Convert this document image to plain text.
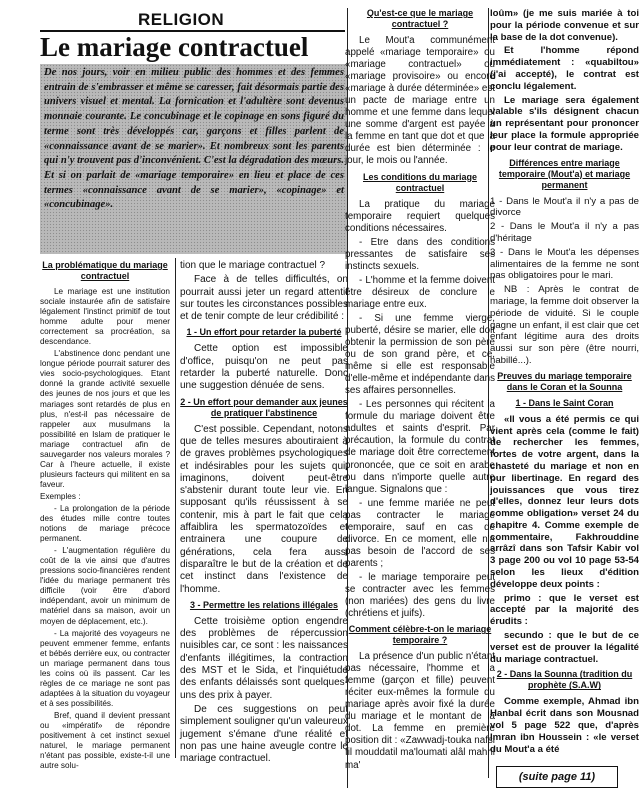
RELIGION
Le mariage contractuel
De nos jours, voir en milieu public des hommes et des femmes entrain de s'embrasser et même se caresser, fait désormais partie des univers visuel et mental. La fornication et l'adultère sont devenus monnaie courante. Le concubinage et le copinage en sons figuré du terme sont très développés car, garçons et filles parlent de «connaissance avant de se marier». Et nombreux sont les parents qui n'y trouvent pas d'inconvénient. C'est la dégradation des mœurs. Et si on parlait de «mariage temporaire» en lieu et place de ces termes «connaissance avant de se marier», «copinage» et «concubinage».
La problématique du mariage contractuel

Le mariage est une institution sociale instaurée afin de satisfaire légalement l'instinct primitif de tout homme adulte pour mener correctement sa procréation, sa descendance.

L'abstinence donc pendant une longue période pourrait saturer des vies socio-psychologiques. Etant donné la grande activité sexuelle des jeunes de nos jours et que les mariages sont retardés de plus en plus, n'est-il pas nécessaire de rappeler aux musulmans la possibilité en Islam de pratiquer le mariage contractuel afin de sauvegarder nos valeurs morales ? Car à l'heure actuelle, il existe plusieurs facteurs qui militent en sa faveur.

Exemples :

- La prolongation de la période des études mille contre toutes notions de mariage précoce permanent.

- L'augmentation régulière du coût de la vie ainsi que d'autres pressions socio-financières rendent l'idée du mariage permanent très difficile (voir être d'abord indépendant, avoir un minimum de matériel dans sa maison, avoir un moyen de déplacement, etc.).

- La majorité des voyageurs ne peuvent emmener femme, enfants et bébés derrière eux, ou contracter un mariage permanent dans tous les coins où ils passent. Car les règles de ce mariage ne sont pas adaptées à la situation du voyageur et à ses possibilités.

Bref, quand il devient pressant ou «impératif» de répondre positivement à cet instinct sexuel naturel, le mariage permanent n'étant pas possible, existe-t-il une autre solu-

tion que le mariage contractuel ?

Face à de telles difficultés, on pourrait aussi jeter un regard attentif sur toutes les circonstances possibles et de tenir compte de leur crédibilité :

1 - Un effort pour retarder la puberté

Cette option est impossible d'office, puisqu'on ne peut pas retarder la puberté naturelle. Donc une suggestion dénuée de sens.

2 - Un effort pour demander aux jeunes de pratiquer l'abstinence

C'est possible. Cependant, notons que de telles mesures aboutiraient à de graves problèmes psychologiques et indésirables pour les sujets qui, imaginons, doivent peut-être s'abstenir durant toute leur vie. En supposant qu'ils réussissent à se contenir, mis à part le fait que cela affaiblira les spermatozoïdes et entrainera une coupure de générations, cela fera aussi disparaître le but de la création et de cet instinct dans l'existence de l'homme.

3 - Permettre les relations illégales

Cette troisième option engendre des problèmes de répercussion nuisibles car, ce sont : les naissances d'enfants illégitimes, la contraction des MST et le Sida, et l'inquiétude des enfants délaissés sont quelques-uns des prix à payer.

De ces suggestions on peut simplement souligner qu'un valeureux jugement s'émane d'une réalité et non pas une haine aveugle contre le mariage contractuel.

Qu'est-ce que le mariage contractuel ?

Le Mout'a communément appelé «mariage temporaire» ou «mariage contractuel» ou «mariage provisoire» ou encore «mariage à durée déterminée» est un pacte de mariage entre un homme et une femme dans lequel une somme d'argent est payée à la femme en tant que dot et que la durée est bien déterminée : le jour, le mois ou l'année.

Les conditions du mariage contractuel

La pratique du mariage temporaire requiert quelques conditions nécessaires.

- Etre dans des conditions pressantes de satisfaire ses instincts sexuels.

- L'homme et la femme doivent être désireux de conclure le mariage entre eux.

- Si une femme vierge, puberté, désire se marier, elle doit obtenir la permission de son père ou de son grand père, et ce, même si elle est responsable d'elle-même et indépendante dans ses affaires personnelles.

- Les personnes qui récitent la formule du mariage doivent être adultes et saints d'esprit. Par précaution, la formule du contrat de mariage doit être correctement prononcée, que ce soit en arabe ou dans n'importe quelle autre langue. Signalons que :

- une femme mariée ne peut pas contracter le mariage temporaire, sauf en cas de divorce. En ce moment, elle n'a pas besoin de l'accord de ses parents ;

- le mariage temporaire peut se contracter avec les femmes (non mariées) des gens du livre (chrétiens et juifs).

Comment célèbre-t-on le mariage temporaire ?

La présence d'un public n'étant pas nécessaire, l'homme et la femme (garçon et fille) peuvent réciter eux-mêmes la formule du mariage après avoir fixé la durée du mariage et le montant de la dot. La femme en première position dit : «Zawwadj-touka nafsi fil mouddatil ma'loumati alâl mahril ma'

loûm» (je me suis mariée à toi pour la période convenue et sur la base de la dot convenue).

Et l'homme répond immédiatement : «quabiltou» (j'ai accepté), le contrat est conclu légalement.

Le mariage sera également valable s'ils désignent chacun un représentant pour prononcer leur place la formule appropriée pour leur contrat de mariage.

Différences entre mariage temporaire (Mout'a) et mariage permanent

1 - Dans le Mout'a il n'y a pas de divorce

2 - Dans le Mout'a il n'y a pas d'héritage

3 - Dans le Mout'a les dépenses alimentaires de la femme ne sont pas obligatoires pour le mari.

NB : Après le contrat de mariage, la femme doit observer la période de viduité. Si le couple gagne un enfant, il est clair que cet enfant légitime aura des droits aussi sur son père (être nourri, habillé...).

Preuves du mariage temporaire dans le Coran et la Sounna
1 - Dans le Saint Coran

«Il vous a été permis ce qui vient après cela (comme le fait) de rechercher les femmes, fortes de votre argent, dans la chasteté du mariage et non en pur libertinage. En regard des jouissances que vous tirez d'elles, donnez leur leurs dots comme obligation» verset 24 du chapitre 4. Comme exemple de commentaire, Fakhrouddine arrâzî dans son Tafsir Kabir vol 3 page 200 ou vol 10 page 53-54 selon les lieux d'édition développe deux points :

primo : que le verset est accepté par la majorité des érudits :

secundo : que le but de ce verset est de prouver la légalité du mariage contractuel.

2 - Dans la Sounna (tradition du prophète (S.A.W)

Comme exemple, Ahmad ibn Hanbal écrit dans son Mousnad vol 5 page 522 que, d'après Imran ibn Houssein : «le verset du Mout'a a été

(suite page 11)
